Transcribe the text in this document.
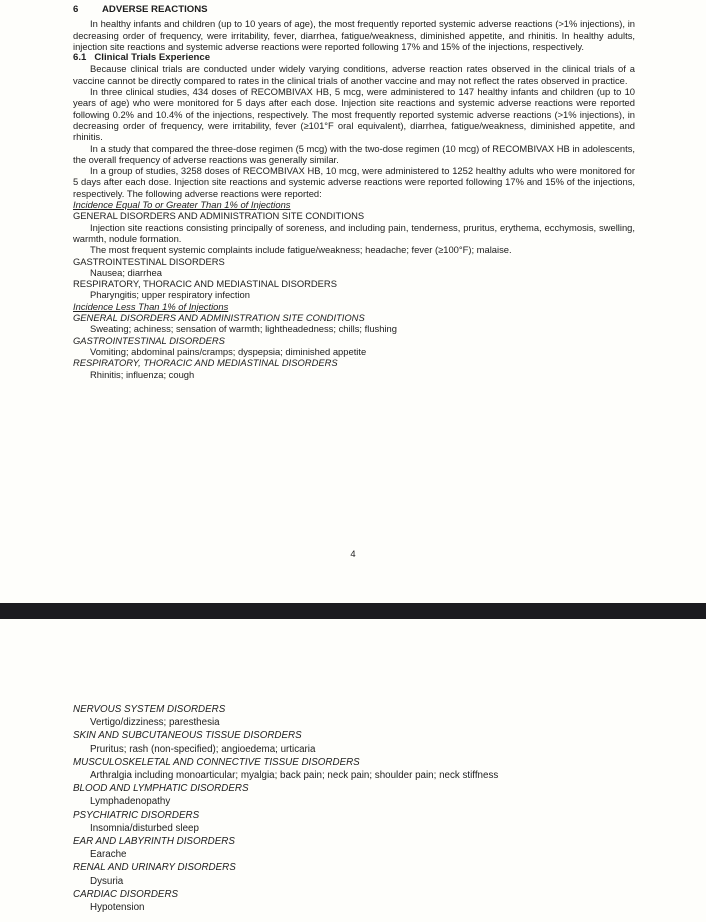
6 ADVERSE REACTIONS

In healthy infants and children (up to 10 years of age), the most frequently reported systemic adverse reactions (>1% injections), in decreasing order of frequency, were irritability, fever, diarrhea, fatigue/weakness, diminished appetite, and rhinitis. In healthy adults, injection site reactions and systemic adverse reactions were reported following 17% and 15% of the injections, respectively.

6.1 Clinical Trials Experience

Because clinical trials are conducted under widely varying conditions, adverse reaction rates observed in the clinical trials of a vaccine cannot be directly compared to rates in the clinical trials of another vaccine and may not reflect the rates observed in practice.

In three clinical studies, 434 doses of RECOMBIVAX HB, 5 mcg, were administered to 147 healthy infants and children (up to 10 years of age) who were monitored for 5 days after each dose. Injection site reactions and systemic adverse reactions were reported following 0.2% and 10.4% of the injections, respectively. The most frequently reported systemic adverse reactions (>1% injections), in decreasing order of frequency, were irritability, fever (≥101°F oral equivalent), diarrhea, fatigue/weakness, diminished appetite, and rhinitis.

In a study that compared the three-dose regimen (5 mcg) with the two-dose regimen (10 mcg) of RECOMBIVAX HB in adolescents, the overall frequency of adverse reactions was generally similar.

In a group of studies, 3258 doses of RECOMBIVAX HB, 10 mcg, were administered to 1252 healthy adults who were monitored for 5 days after each dose. Injection site reactions and systemic adverse reactions were reported following 17% and 15% of the injections, respectively. The following adverse reactions were reported:

Incidence Equal To or Greater Than 1% of Injections

GENERAL DISORDERS AND ADMINISTRATION SITE CONDITIONS

Injection site reactions consisting principally of soreness, and including pain, tenderness, pruritus, erythema, ecchymosis, swelling, warmth, nodule formation.

The most frequent systemic complaints include fatigue/weakness; headache; fever (≥100°F); malaise.

GASTROINTESTINAL DISORDERS

Nausea; diarrhea

RESPIRATORY, THORACIC AND MEDIASTINAL DISORDERS

Pharyngitis; upper respiratory infection

Incidence Less Than 1% of Injections

GENERAL DISORDERS AND ADMINISTRATION SITE CONDITIONS

Sweating; achiness; sensation of warmth; lightheadedness; chills; flushing

GASTROINTESTINAL DISORDERS

Vomiting; abdominal pains/cramps; dyspepsia; diminished appetite

RESPIRATORY, THORACIC AND MEDIASTINAL DISORDERS

Rhinitis; influenza; cough

4

NERVOUS SYSTEM DISORDERS

Vertigo/dizziness; paresthesia

SKIN AND SUBCUTANEOUS TISSUE DISORDERS

Pruritus; rash (non-specified); angioedema; urticaria

MUSCULOSKELETAL AND CONNECTIVE TISSUE DISORDERS

Arthralgia including monoarticular; myalgia; back pain; neck pain; shoulder pain; neck stiffness

BLOOD AND LYMPHATIC DISORDERS

Lymphadenopathy

PSYCHIATRIC DISORDERS

Insomnia/disturbed sleep

EAR AND LABYRINTH DISORDERS

Earache

RENAL AND URINARY DISORDERS

Dysuria

CARDIAC DISORDERS

Hypotension
